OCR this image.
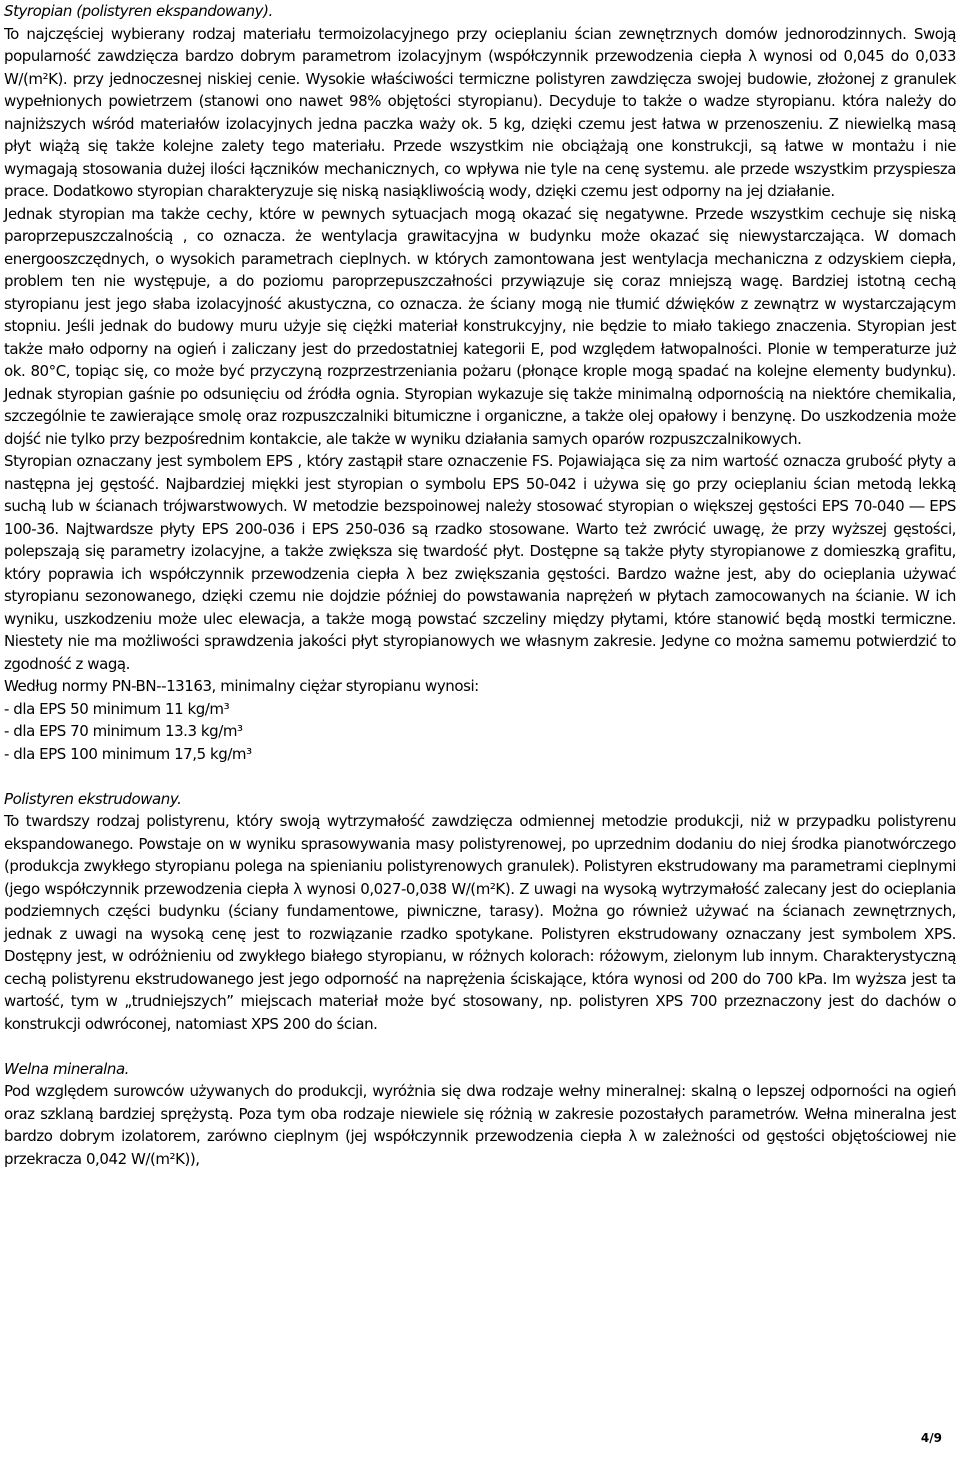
Styropian (polistyren ekspandowany).

To najczęściej wybierany rodzaj materiału termoizolacyjnego przy ocieplaniu ścian zewnętrznych domów jednorodzinnych. Swoją popularność zawdzięcza bardzo dobrym parametrom izolacyjnym (współczynnik przewodzenia ciepła λ wynosi od 0,045 do 0,033 W/(m²K). przy jednoczesnej niskiej cenie. Wysokie właściwości termiczne polistyren zawdzięcza swojej budowie, złożonej z granulek wypełnionych powietrzem (stanowi ono nawet 98% objętości styropianu). Decyduje to także o wadze styropianu. która należy do najniższych wśród materiałów izolacyjnych jedna paczka waży ok. 5 kg, dzięki czemu jest łatwa w przenoszeniu. Z niewielką masą płyt wiążą się także kolejne zalety tego materiału. Przede wszystkim nie obciążają one konstrukcji, są łatwe w montażu i nie wymagają stosowania dużej ilości łączników mechanicznych, co wpływa nie tyle na cenę systemu. ale przede wszystkim przyspiesza prace. Dodatkowo styropian charakteryzuje się niską nasiąkliwością wody, dzięki czemu jest odporny na jej działanie.

Jednak styropian ma także cechy, które w pewnych sytuacjach mogą okazać się negatywne. Przede wszystkim cechuje się niską paroprzepuszczalnością , co oznacza. że wentylacja grawitacyjna w budynku może okazać się niewystarczająca. W domach energooszczędnych, o wysokich parametrach cieplnych. w których zamontowana jest wentylacja mechaniczna z odzyskiem ciepła, problem ten nie występuje, a do poziomu paroprzepuszczałności przywiązuje się coraz mniejszą wagę. Bardziej istotną cechą styropianu jest jego słaba izolacyjność akustyczna, co oznacza. że ściany mogą nie tłumić dźwięków z zewnątrz w wystarczającym stopniu. Jeśli jednak do budowy muru użyje się ciężki materiał konstrukcyjny, nie będzie to miało takiego znaczenia. Styropian jest także mało odporny na ogień i zaliczany jest do przedostatniej kategorii E, pod względem łatwopalności. Plonie w temperaturze już ok. 80°C, topiąc się, co może być przyczyną rozprzestrzeniania pożaru (płonące krople mogą spadać na kolejne elementy budynku). Jednak styropian gaśnie po odsunięciu od źródła ognia. Styropian wykazuje się także minimalną odpornością na niektóre chemikalia, szczególnie te zawierające smolę oraz rozpuszczalniki bitumiczne i organiczne, a także olej opałowy i benzynę. Do uszkodzenia może dojść nie tylko przy bezpośrednim kontakcie, ale także w wyniku działania samych oparów rozpuszczalnikowych.

Styropian oznaczany jest symbolem EPS , który zastąpił stare oznaczenie FS. Pojawiająca się za nim wartość oznacza grubość płyty a następna jej gęstość. Najbardziej miękki jest styropian o symbolu EPS 50-042 i używa się go przy ocieplaniu ścian metodą lekką suchą lub w ścianach trójwarstwowych. W metodzie bezspoinowej należy stosować styropian o większej gęstości EPS 70-040 ― EPS 100-36. Najtwardsze płyty EPS 200-036 i EPS 250-036 są rzadko stosowane. Warto też zwrócić uwagę, że przy wyższej gęstości, polepszają się parametry izolacyjne, a także zwiększa się twardość płyt. Dostępne są także płyty styropianowe z domieszką grafitu, który poprawia ich współczynnik przewodzenia ciepła λ bez zwiększania gęstości. Bardzo ważne jest, aby do ocieplania używać styropianu sezonowanego, dzięki czemu nie dojdzie później do powstawania naprężeń w płytach zamocowanych na ścianie. W ich wyniku, uszkodzeniu może ulec elewacja, a także mogą powstać szczeliny między płytami, które stanowić będą mostki termiczne. Niestety nie ma możliwości sprawdzenia jakości płyt styropianowych we własnym zakresie. Jedyne co można samemu potwierdzić to zgodność z wagą.

Według normy PN-BN--13163, minimalny ciężar styropianu wynosi:

- dla EPS 50 minimum 11 kg/m³

- dla EPS 70 minimum 13.3 kg/m³

- dla EPS 100 minimum 17,5 kg/m³

Polistyren ekstrudowany.

To twardszy rodzaj polistyrenu, który swoją wytrzymałość zawdzięcza odmiennej metodzie produkcji, niż w przypadku polistyrenu ekspandowanego. Powstaje on w wyniku sprasowywania masy polistyrenowej, po uprzednim dodaniu do niej środka pianotwórczego (produkcja zwykłego styropianu polega na spienianiu polistyrenowych granulek). Polistyren ekstrudowany ma parametrami cieplnymi (jego współczynnik przewodzenia ciepła λ wynosi 0,027-0,038 W/(m²K). Z uwagi na wysoką wytrzymałość zalecany jest do ocieplania podziemnych części budynku (ściany fundamentowe, piwniczne, tarasy). Można go również używać na ścianach zewnętrznych, jednak z uwagi na wysoką cenę jest to rozwiązanie rzadko spotykane. Polistyren ekstrudowany oznaczany jest symbolem XPS. Dostępny jest, w odróżnieniu od zwykłego białego styropianu, w różnych kolorach: różowym, zielonym lub innym. Charakterystyczną cechą polistyrenu ekstrudowanego jest jego odporność na naprężenia ściskające, która wynosi od 200 do 700 kPa. Im wyższa jest ta wartość, tym w „trudniejszych” miejscach materiał może być stosowany, np. polistyren XPS 700 przeznaczony jest do dachów o konstrukcji odwróconej, natomiast XPS 200 do ścian.

Welna mineralna.

Pod względem surowców używanych do produkcji, wyróżnia się dwa rodzaje wełny mineralnej: skalną o lepszej odporności na ogień oraz szklaną bardziej sprężystą. Poza tym oba rodzaje niewiele się różnią w zakresie pozostałych parametrów. Wełna mineralna jest bardzo dobrym izolatorem, zarówno cieplnym (jej współczynnik przewodzenia ciepła λ w zależności od gęstości objętościowej nie przekracza 0,042 W/(m²K)),

4/9
